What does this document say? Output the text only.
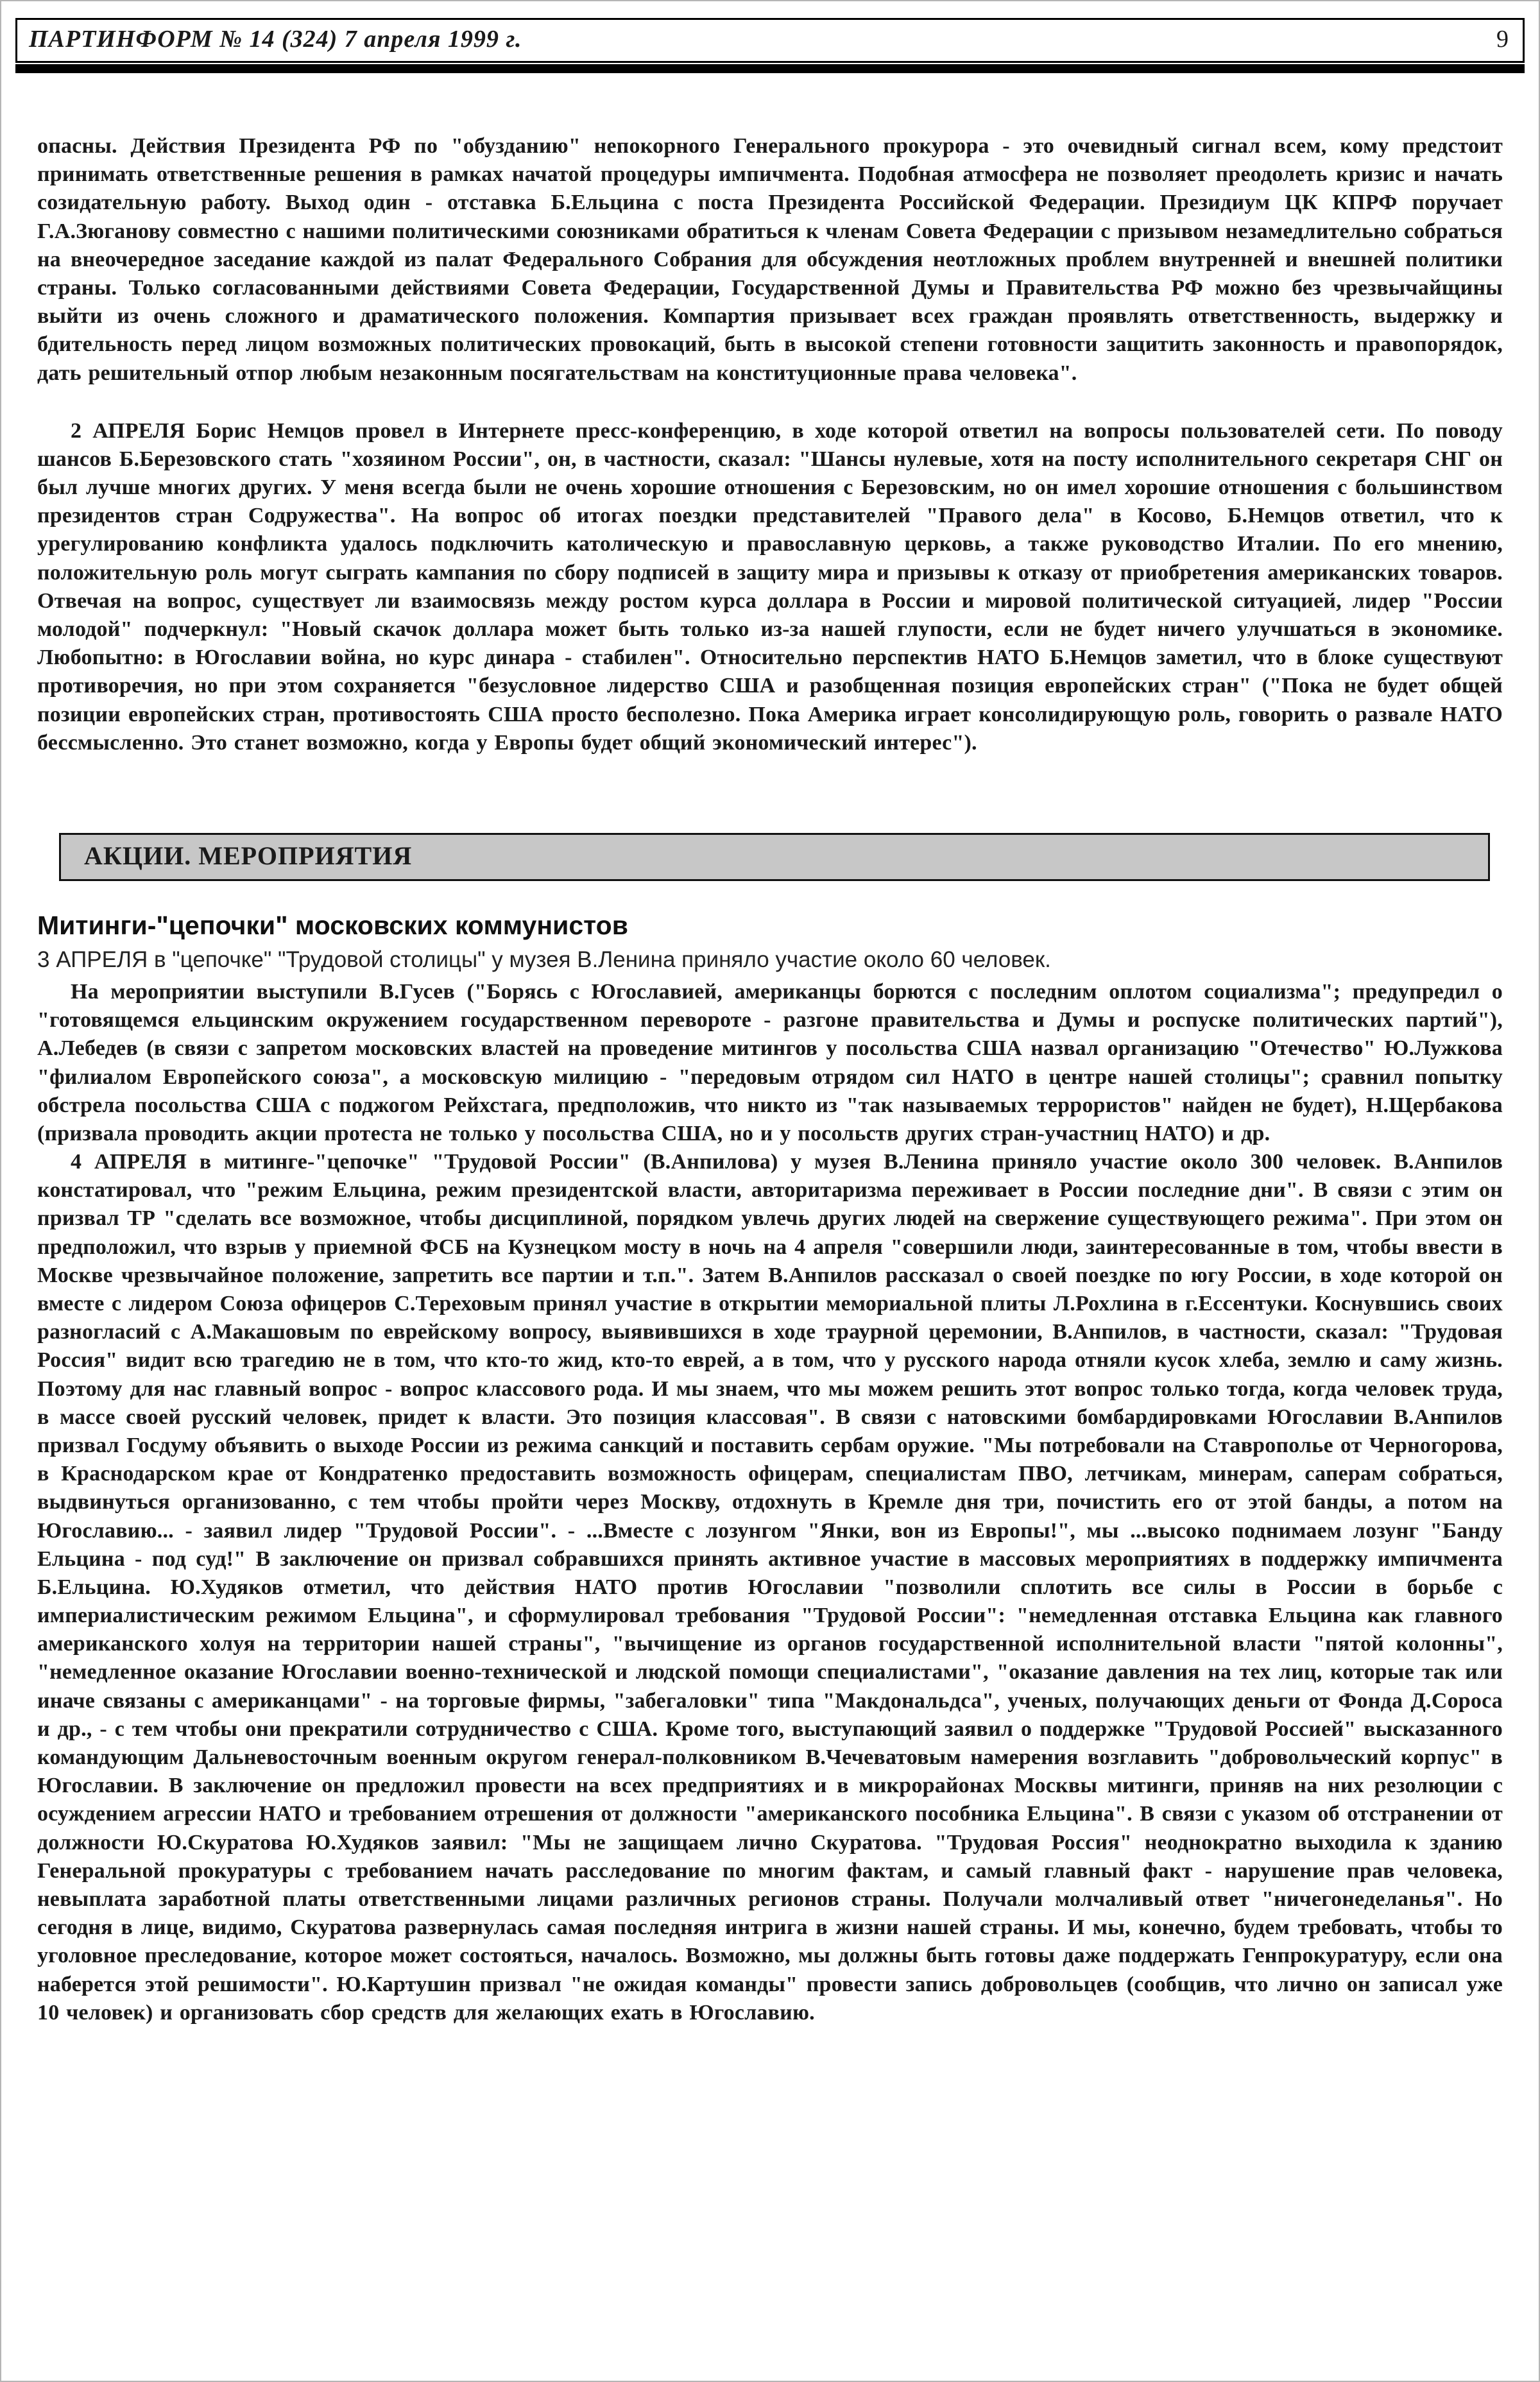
ПАРТИНФОРМ № 14 (324) 7 апреля 1999 г.	9

опасны. Действия Президента РФ по "обузданию" непокорного Генерального прокурора - это очевидный сигнал всем, кому предстоит принимать ответственные решения в рамках начатой процедуры импичмента. Подобная атмосфера не позволяет преодолеть кризис и начать созидательную работу. Выход один - отставка Б.Ельцина с поста Президента Российской Федерации. Президиум ЦК КПРФ поручает Г.А.Зюганову совместно с нашими политическими союзниками обратиться к членам Совета Федерации с призывом незамедлительно собраться на внеочередное заседание каждой из палат Федерального Собрания для обсуждения неотложных проблем внутренней и внешней политики страны. Только согласованными действиями Совета Федерации, Государственной Думы и Правительства РФ можно без чрезвычайщины выйти из очень сложного и драматического положения. Компартия призывает всех граждан проявлять ответственность, выдержку и бдительность перед лицом возможных политических провокаций, быть в высокой степени готовности защитить законность и правопорядок, дать решительный отпор любым незаконным посягательствам на конституционные права человека".

2 АПРЕЛЯ Борис Немцов провел в Интернете пресс-конференцию, в ходе которой ответил на вопросы пользователей сети. По поводу шансов Б.Березовского стать "хозяином России", он, в частности, сказал: "Шансы нулевые, хотя на посту исполнительного секретаря СНГ он был лучше многих других. У меня всегда были не очень хорошие отношения с Березовским, но он имел хорошие отношения с большинством президентов стран Содружества". На вопрос об итогах поездки представителей "Правого дела" в Косово, Б.Немцов ответил, что к урегулированию конфликта удалось подключить католическую и православную церковь, а также руководство Италии. По его мнению, положительную роль могут сыграть кампания по сбору подписей в защиту мира и призывы к отказу от приобретения американских товаров. Отвечая на вопрос, существует ли взаимосвязь между ростом курса доллара в России и мировой политической ситуацией, лидер "России молодой" подчеркнул: "Новый скачок доллара может быть только из-за нашей глупости, если не будет ничего улучшаться в экономике. Любопытно: в Югославии война, но курс динара - стабилен". Относительно перспектив НАТО Б.Немцов заметил, что в блоке существуют противоречия, но при этом сохраняется "безусловное лидерство США и разобщенная позиция европейских стран" ("Пока не будет общей позиции европейских стран, противостоять США просто бесполезно. Пока Америка играет консолидирующую роль, говорить о развале НАТО бессмысленно. Это станет возможно, когда у Европы будет общий экономический интерес").

АКЦИИ. МЕРОПРИЯТИЯ
Митинги-"цепочки" московских коммунистов

3 АПРЕЛЯ в "цепочке" "Трудовой столицы" у музея В.Ленина приняло участие около 60 человек.

На мероприятии выступили В.Гусев ("Борясь с Югославией, американцы борются с последним оплотом социализма"; предупредил о "готовящемся ельцинским окружением государственном перевороте - разгоне правительства и Думы и роспуске политических партий"), А.Лебедев (в связи с запретом московских властей на проведение митингов у посольства США назвал организацию "Отечество" Ю.Лужкова "филиалом Европейского союза", а московскую милицию - "передовым отрядом сил НАТО в центре нашей столицы"; сравнил попытку обстрела посольства США с поджогом Рейхстага, предположив, что никто из "так называемых террористов" найден не будет), Н.Щербакова (призвала проводить акции протеста не только у посольства США, но и у посольств других стран-участниц НАТО) и др.

4 АПРЕЛЯ в митинге-"цепочке" "Трудовой России" (В.Анпилова) у музея В.Ленина приняло участие около 300 человек. В.Анпилов констатировал, что "режим Ельцина, режим президентской власти, авторитаризма переживает в России последние дни". В связи с этим он призвал ТР "сделать все возможное, чтобы дисциплиной, порядком увлечь других людей на свержение существующего режима". При этом он предположил, что взрыв у приемной ФСБ на Кузнецком мосту в ночь на 4 апреля "совершили люди, заинтересованные в том, чтобы ввести в Москве чрезвычайное положение, запретить все партии и т.п.". Затем В.Анпилов рассказал о своей поездке по югу России, в ходе которой он вместе с лидером Союза офицеров С.Тереховым принял участие в открытии мемориальной плиты Л.Рохлина в г.Ессентуки. Коснувшись своих разногласий с А.Макашовым по еврейскому вопросу, выявившихся в ходе траурной церемонии, В.Анпилов, в частности, сказал: "Трудовая Россия" видит всю трагедию не в том, что кто-то жид, кто-то еврей, а в том, что у русского народа отняли кусок хлеба, землю и саму жизнь. Поэтому для нас главный вопрос - вопрос классового рода. И мы знаем, что мы можем решить этот вопрос только тогда, когда человек труда, в массе своей русский человек, придет к власти. Это позиция классовая". В связи с натовскими бомбардировками Югославии В.Анпилов призвал Госдуму объявить о выходе России из режима санкций и поставить сербам оружие. "Мы потребовали на Ставрополье от Черногорова, в Краснодарском крае от Кондратенко предоставить возможность офицерам, специалистам ПВО, летчикам, минерам, саперам собраться, выдвинуться организованно, с тем чтобы пройти через Москву, отдохнуть в Кремле дня три, почистить его от этой банды, а потом на Югославию... - заявил лидер "Трудовой России". - ...Вместе с лозунгом "Янки, вон из Европы!", мы ...высоко поднимаем лозунг "Банду Ельцина - под суд!" В заключение он призвал собравшихся принять активное участие в массовых мероприятиях в поддержку импичмента Б.Ельцина. Ю.Худяков отметил, что действия НАТО против Югославии "позволили сплотить все силы в России в борьбе с империалистическим режимом Ельцина", и сформулировал требования "Трудовой России": "немедленная отставка Ельцина как главного американского холуя на территории нашей страны", "вычищение из органов государственной исполнительной власти "пятой колонны", "немедленное оказание Югославии военно-технической и людской помощи специалистами", "оказание давления на тех лиц, которые так или иначе связаны с американцами" - на торговые фирмы, "забегаловки" типа "Макдональдса", ученых, получающих деньги от Фонда Д.Сороса и др., - с тем чтобы они прекратили сотрудничество с США. Кроме того, выступающий заявил о поддержке "Трудовой Россией" высказанного командующим Дальневосточным военным округом генерал-полковником В.Чечеватовым намерения возглавить "добровольческий корпус" в Югославии. В заключение он предложил провести на всех предприятиях и в микрорайонах Москвы митинги, приняв на них резолюции с осуждением агрессии НАТО и требованием отрешения от должности "американского пособника Ельцина". В связи с указом об отстранении от должности Ю.Скуратова Ю.Худяков заявил: "Мы не защищаем лично Скуратова. "Трудовая Россия" неоднократно выходила к зданию Генеральной прокуратуры с требованием начать расследование по многим фактам, и самый главный факт - нарушение прав человека, невыплата заработной платы ответственными лицами различных регионов страны. Получали молчаливый ответ "ничегонеделанья". Но сегодня в лице, видимо, Скуратова развернулась самая последняя интрига в жизни нашей страны. И мы, конечно, будем требовать, чтобы то уголовное преследование, которое может состояться, началось. Возможно, мы должны быть готовы даже поддержать Генпрокуратуру, если она наберется этой решимости". Ю.Картушин призвал "не ожидая команды" провести запись добровольцев (сообщив, что лично он записал уже 10 человек) и организовать сбор средств для желающих ехать в Югославию.
